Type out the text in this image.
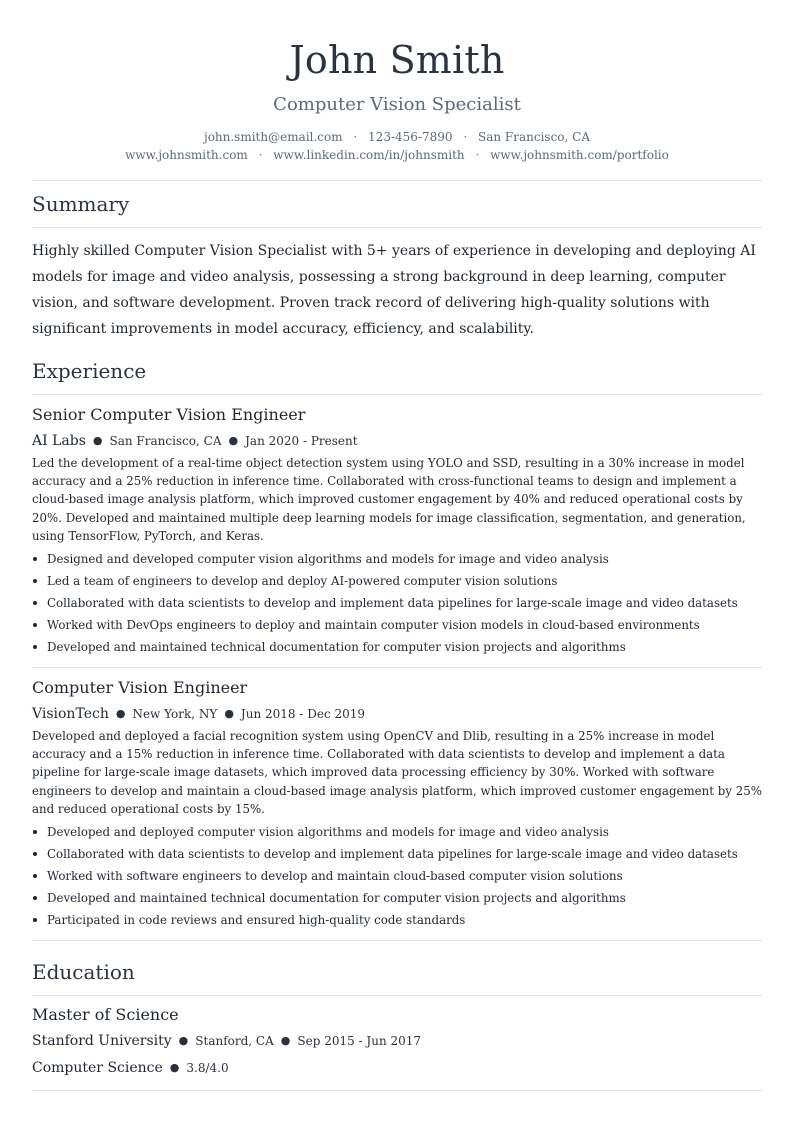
John Smith
Computer Vision Specialist
john.smith@email.com · 123-456-7890 · San Francisco, CA
www.johnsmith.com · www.linkedin.com/in/johnsmith · www.johnsmith.com/portfolio
Summary
Highly skilled Computer Vision Specialist with 5+ years of experience in developing and deploying AI models for image and video analysis, possessing a strong background in deep learning, computer vision, and software development. Proven track record of delivering high-quality solutions with significant improvements in model accuracy, efficiency, and scalability.
Experience
Senior Computer Vision Engineer
AI Labs ● San Francisco, CA ● Jan 2020 - Present
Led the development of a real-time object detection system using YOLO and SSD, resulting in a 30% increase in model accuracy and a 25% reduction in inference time. Collaborated with cross-functional teams to design and implement a cloud-based image analysis platform, which improved customer engagement by 40% and reduced operational costs by 20%. Developed and maintained multiple deep learning models for image classification, segmentation, and generation, using TensorFlow, PyTorch, and Keras.
Designed and developed computer vision algorithms and models for image and video analysis
Led a team of engineers to develop and deploy AI-powered computer vision solutions
Collaborated with data scientists to develop and implement data pipelines for large-scale image and video datasets
Worked with DevOps engineers to deploy and maintain computer vision models in cloud-based environments
Developed and maintained technical documentation for computer vision projects and algorithms
Computer Vision Engineer
VisionTech ● New York, NY ● Jun 2018 - Dec 2019
Developed and deployed a facial recognition system using OpenCV and Dlib, resulting in a 25% increase in model accuracy and a 15% reduction in inference time. Collaborated with data scientists to develop and implement a data pipeline for large-scale image datasets, which improved data processing efficiency by 30%. Worked with software engineers to develop and maintain a cloud-based image analysis platform, which improved customer engagement by 25% and reduced operational costs by 15%.
Developed and deployed computer vision algorithms and models for image and video analysis
Collaborated with data scientists to develop and implement data pipelines for large-scale image and video datasets
Worked with software engineers to develop and maintain cloud-based computer vision solutions
Developed and maintained technical documentation for computer vision projects and algorithms
Participated in code reviews and ensured high-quality code standards
Education
Master of Science
Stanford University ● Stanford, CA ● Sep 2015 - Jun 2017
Computer Science ● 3.8/4.0
